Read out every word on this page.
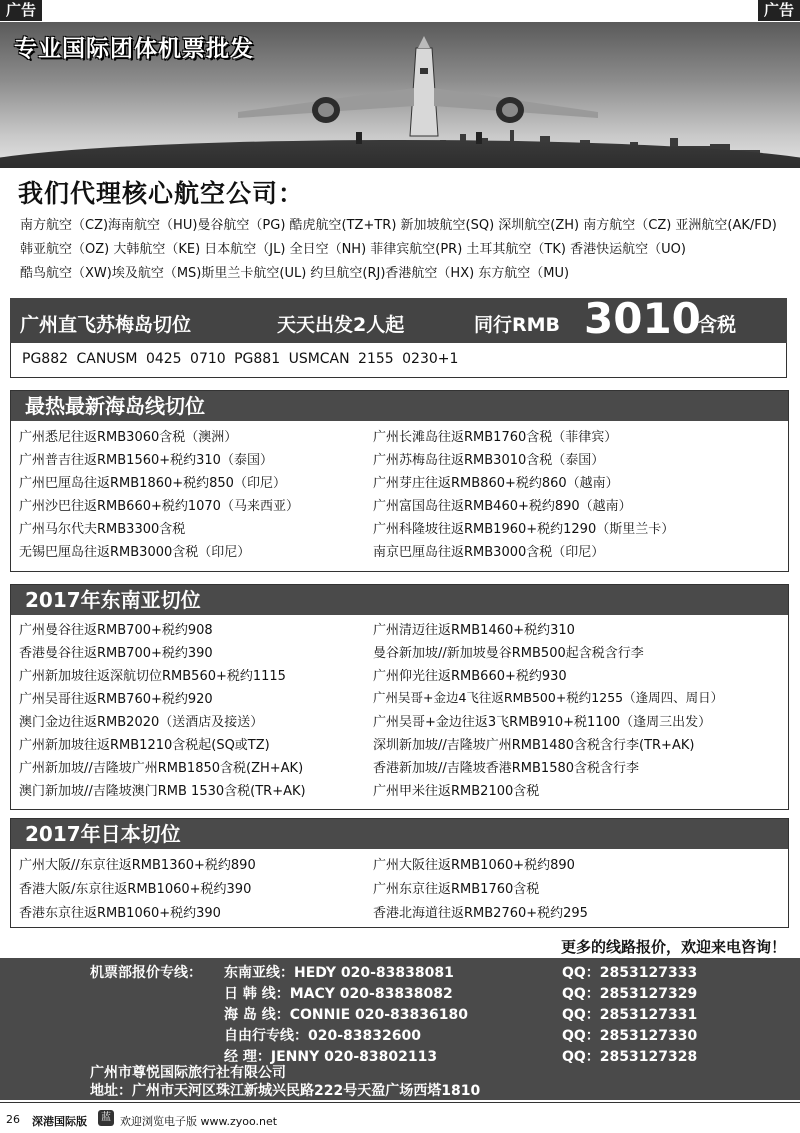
广告	广告
专业国际团体机票批发
我们代理核心航空公司：
南方航空（CZ)海南航空（HU)曼谷航空（PG) 酷虎航空(TZ+TR) 新加坡航空(SQ) 深圳航空(ZH) 南方航空（CZ) 亚洲航空(AK/FD)
韩亚航空（OZ) 大韩航空（KE) 日本航空（JL) 全日空（NH) 菲律宾航空(PR) 土耳其航空（TK) 香港快运航空（UO)
酷鸟航空（XW)埃及航空（MS)斯里兰卡航空(UL) 约旦航空(RJ)香港航空（HX) 东方航空（MU)
广州直飞苏梅岛切位	天天出发2人起	同行RMB 3010
含税
PG882 CANUSM 0425 0710 PG881 USMCAN 2155 0230+1
最热最新海岛线切位
广州悉尼往返RMB3060含税（澳洲）
广州普吉往返RMB1560+税约310（泰国）
广州巴厘岛往返RMB1860+税约850（印尼）
广州沙巴往返RMB660+税约1070（马来西亚）
广州马尔代夫RMB3300含税
无锡巴厘岛往返RMB3000含税（印尼）
广州长滩岛往返RMB1760含税（菲律宾）
广州苏梅岛往返RMB3010含税（泰国）
广州芽庄往返RMB860+税约860（越南）
广州富国岛往返RMB460+税约890（越南）
广州科隆坡往返RMB1960+税约1290（斯里兰卡）
南京巴厘岛往返RMB3000含税（印尼）
2017年东南亚切位
广州曼谷往返RMB700+税约908
香港曼谷往返RMB700+税约390
广州新加坡往返深航切位RMB560+税约1115
广州吴哥往返RMB760+税约920
澳门金边往返RMB2020（送酒店及接送）
广州新加坡往返RMB1210含税起(SQ或TZ)
广州新加坡//吉隆坡广州RMB1850含税(ZH+AK)
澳门新加坡//吉隆坡澳门RMB 1530含税(TR+AK)
广州清迈往返RMB1460+税约310
曼谷新加坡//新加坡曼谷RMB500起含税含行李
广州仰光往返RMB660+税约930
广州吴哥+金边4飞往返RMB500+税约1255（逢周四、周日）
广州吴哥+金边往返3飞RMB910+税1100（逢周三出发）
深圳新加坡//吉隆坡广州RMB1480含税含行李(TR+AK)
香港新加坡//吉隆坡香港RMB1580含税含行李
广州甲米往返RMB2100含税
2017年日本切位
广州大阪//东京往返RMB1360+税约890
香港大阪/东京往返RMB1060+税约390
香港东京往返RMB1060+税约390
广州大阪往返RMB1060+税约890
广州东京往返RMB1760含税
香港北海道往返RMB2760+税约295
更多的线路报价，欢迎来电咨询！
机票部报价专线： 东南亚线：HEDY 020-83838081	QQ：2853127333
日 韩 线：MACY 020-83838082	QQ：2853127329
海 岛 线：CONNIE 020-83836180	QQ：2853127331
自由行专线：020-83832600	QQ：2853127330
经 理：JENNY 020-83802113	QQ：2853127328
广州市尊悦国际旅行社有限公司
地址：广州市天河区珠江新城兴民路222号天盈广场西塔1810
26 深港国际版	蓝 欢迎浏览电子版 www.zyoo.net
